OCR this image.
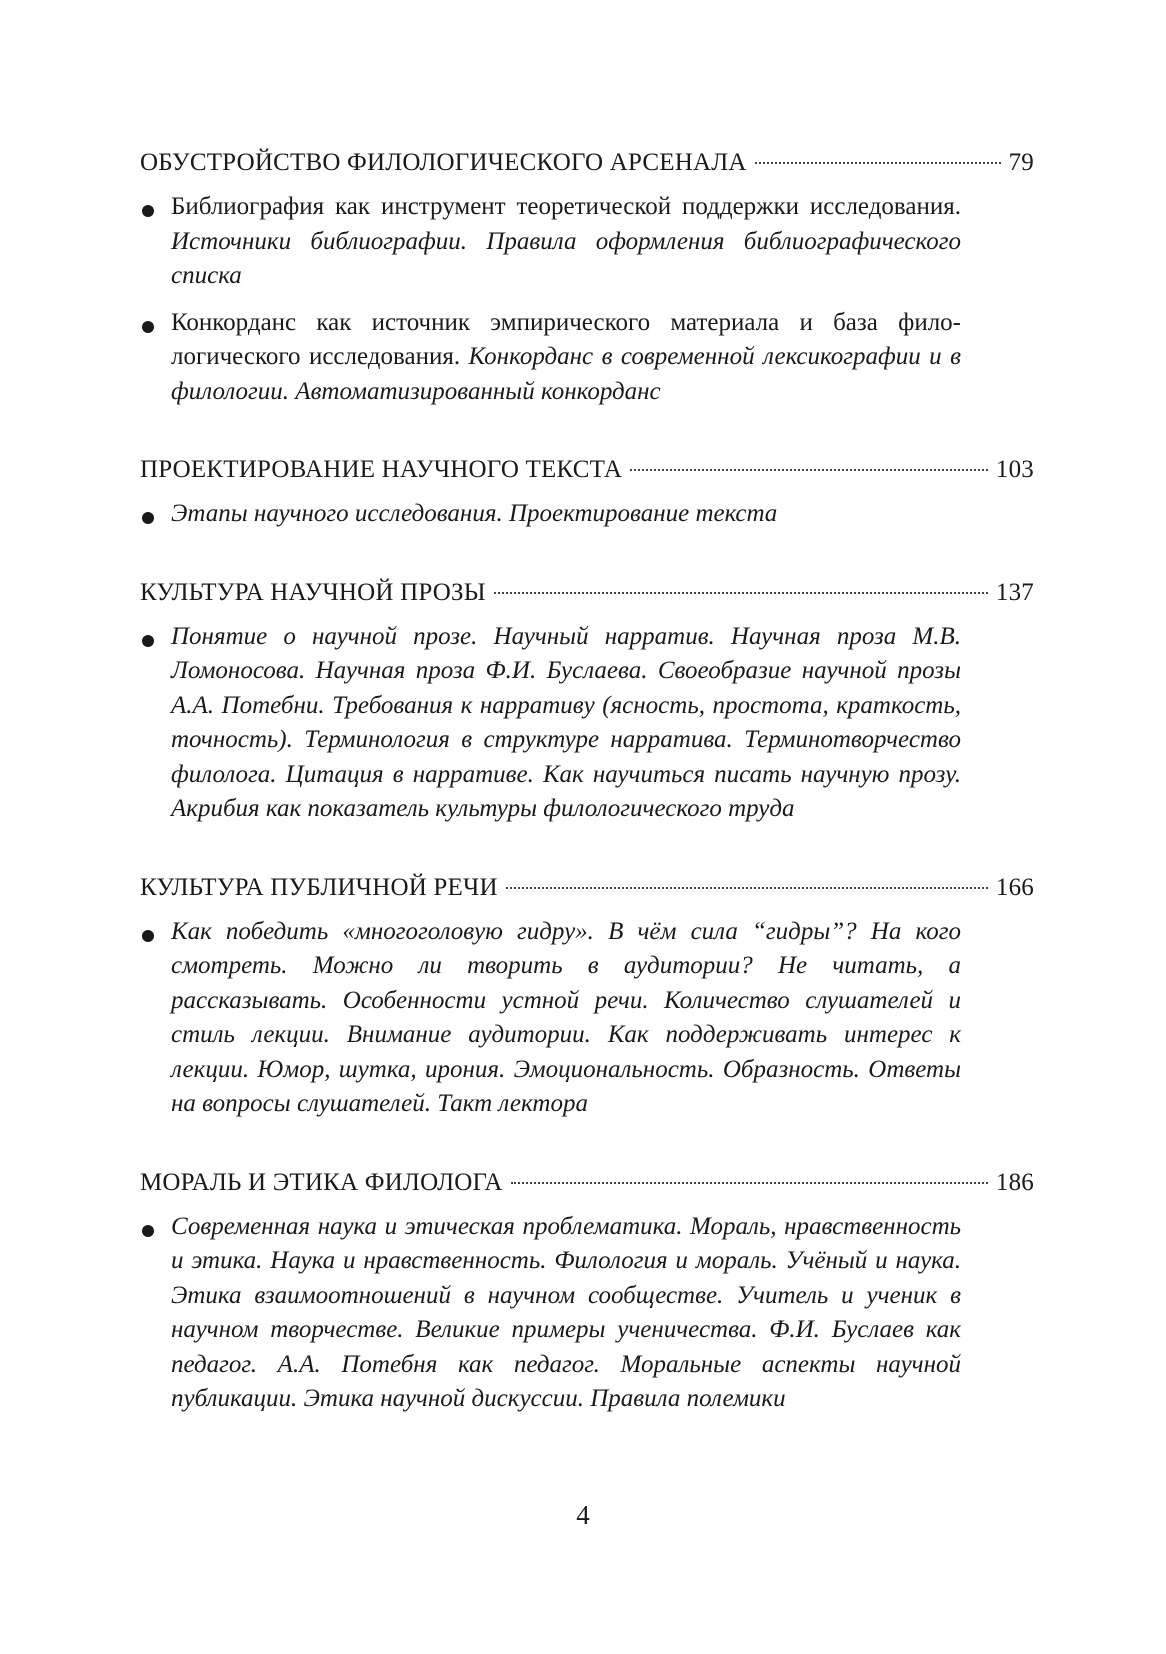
ОБУСТРОЙСТВО ФИЛОЛОГИЧЕСКОГО АРСЕНАЛА	79

Библиография как инструмент теоретической поддержки исследования. Источники библиографии. Правила оформления библиографического списка

Конкорданс как источник эмпирического материала и база филологического исследования. Конкорданс в современной лексикографии и в филологии. Автоматизированный конкорданс

ПРОЕКТИРОВАНИЕ НАУЧНОГО ТЕКСТА	103

Этапы научного исследования. Проектирование текста

КУЛЬТУРА НАУЧНОЙ ПРОЗЫ	137

Понятие о научной прозе. Научный нарратив. Научная проза М.В. Ломоносова. Научная проза Ф.И. Буслаева. Своеобразие научной прозы А.А. Потебни. Требования к нарративу (ясность, простота, краткость, точность). Терминология в структуре нарратива. Терминотворчество филолога. Цитация в нарративе. Как научиться писать научную прозу. Акрибия как показатель культуры филологического труда

КУЛЬТУРА ПУБЛИЧНОЙ РЕЧИ	166

Как победить «многоголовую гидру». В чём сила “гидры”? На кого смотреть. Можно ли творить в аудитории? Не читать, а рассказывать. Особенности устной речи. Количество слушателей и стиль лекции. Внимание аудитории. Как поддерживать интерес к лекции. Юмор, шутка, ирония. Эмоциональность. Образность. Ответы на вопросы слушателей. Такт лектора

МОРАЛЬ И ЭТИКА ФИЛОЛОГА	186

Современная наука и этическая проблематика. Мораль, нравственность и этика. Наука и нравственность. Филология и мораль. Учёный и наука. Этика взаимоотношений в научном сообществе. Учитель и ученик в научном творчестве. Великие примеры ученичества. Ф.И. Буслаев как педагог. А.А. Потебня как педагог. Моральные аспекты научной публикации. Этика научной дискуссии. Правила полемики

4
